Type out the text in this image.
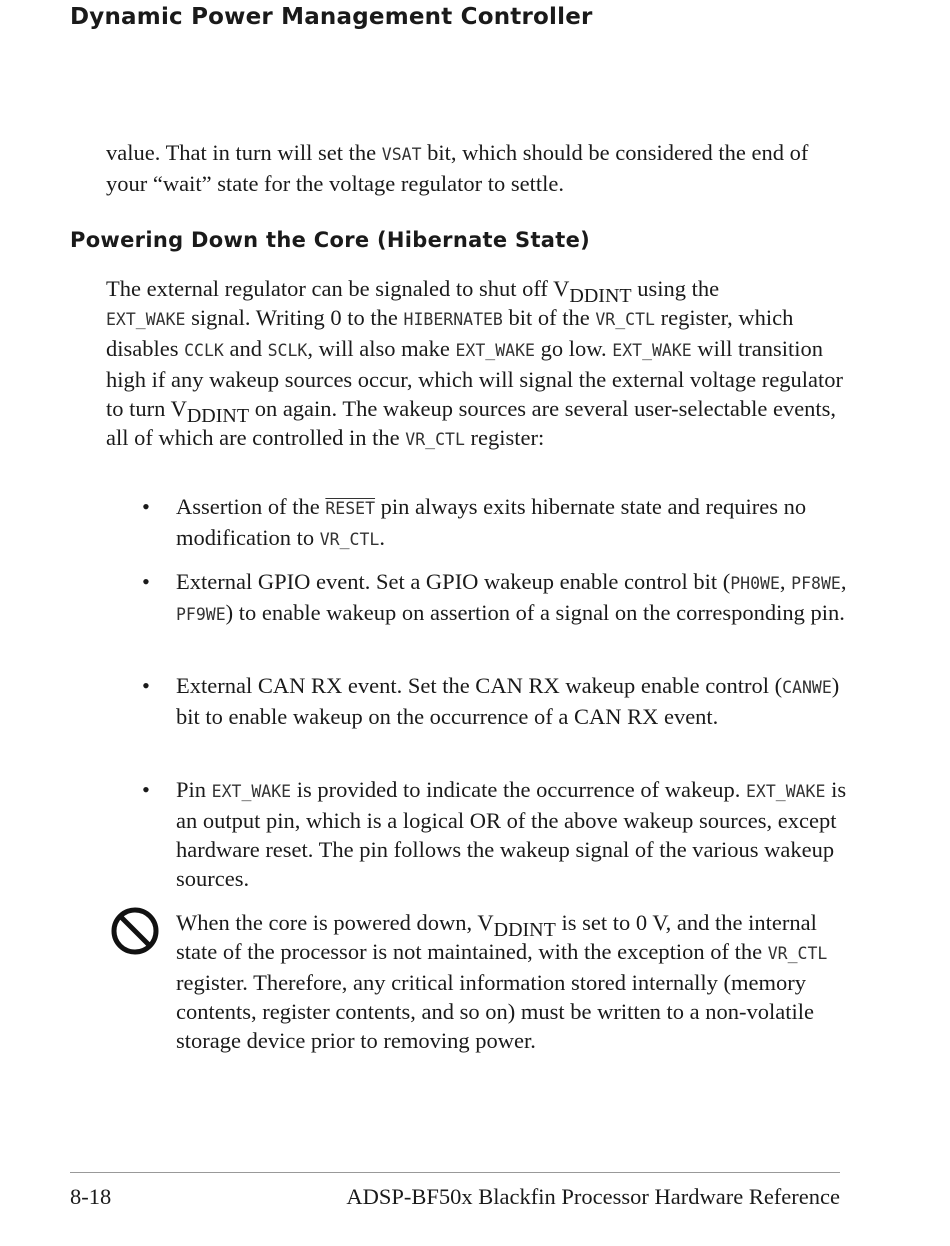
Dynamic Power Management Controller
value. That in turn will set the VSAT bit, which should be considered the end of your “wait” state for the voltage regulator to settle.
Powering Down the Core (Hibernate State)
The external regulator can be signaled to shut off $V_{DDINT}$ using the
EXT_WAKE signal. Writing 0 to the HIBERNATEB bit of the VR_CTL register, which disables CCLK and SCLK, will also make EXT_WAKE go low. EXT_WAKE will transition high if any wakeup sources occur, which will signal the external voltage regulator to turn $V_{DDINT}$ on again. The wakeup sources are several user-selectable events, all of which are controlled in the VR_CTL register:
• Assertion of the RESET pin always exits hibernate state and requires no modification to VR_CTL.
• External GPIO event. Set a GPIO wakeup enable control bit (PH0WE, PF8WE, PF9WE) to enable wakeup on assertion of a signal on the corresponding pin.
• External CAN RX event. Set the CAN RX wakeup enable control (CANWE) bit to enable wakeup on the occurrence of a CAN RX event.
• Pin EXT_WAKE is provided to indicate the occurrence of wakeup. EXT_WAKE is an output pin, which is a logical OR of the above wakeup sources, except hardware reset. The pin follows the wakeup signal of the various wakeup sources.
When the core is powered down, $V_{DDINT}$ is set to 0 V, and the internal state of the processor is not maintained, with the exception of the VR_CTL register. Therefore, any critical information stored internally (memory contents, register contents, and so on) must be written to a non-volatile storage device prior to removing power.
8-18	ADSP-BF50x Blackfin Processor Hardware Reference
